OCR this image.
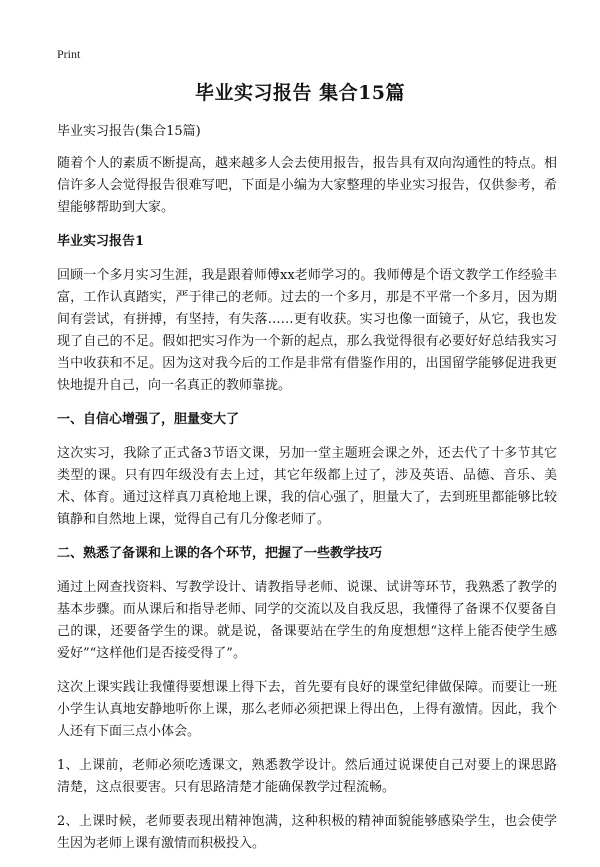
Print
毕业实习报告 集合15篇

毕业实习报告(集合15篇)

随着个人的素质不断提高，越来越多人会去使用报告，报告具有双向沟通性的特点。相信许多人会觉得报告很难写吧，下面是小编为大家整理的毕业实习报告，仅供参考，希望能够帮助到大家。

毕业实习报告1

回顾一个多月实习生涯，我是跟着师傅xx老师学习的。我师傅是个语文教学工作经验丰富，工作认真踏实，严于律己的老师。过去的一个多月，那是不平常一个多月，因为期间有尝试，有拼搏，有坚持，有失落……更有收获。实习也像一面镜子，从它，我也发现了自己的不足。假如把实习作为一个新的起点，那么我觉得很有必要好好总结我实习当中收获和不足。因为这对我今后的工作是非常有借鉴作用的，出国留学能够促进我更快地提升自己，向一名真正的教师靠拢。

一、自信心增强了，胆量变大了

这次实习，我除了正式备3节语文课，另加一堂主题班会课之外，还去代了十多节其它类型的课。只有四年级没有去上过，其它年级都上过了，涉及英语、品德、音乐、美术、体育。通过这样真刀真枪地上课，我的信心强了，胆量大了，去到班里都能够比较镇静和自然地上课，觉得自己有几分像老师了。

二、熟悉了备课和上课的各个环节，把握了一些教学技巧

通过上网查找资料、写教学设计、请教指导老师、说课、试讲等环节，我熟悉了教学的基本步骤。而从课后和指导老师、同学的交流以及自我反思，我懂得了备课不仅要备自己的课，还要备学生的课。就是说，备课要站在学生的角度想想“这样上能否使学生感爱好”“这样他们是否接受得了”。

这次上课实践让我懂得要想课上得下去，首先要有良好的课堂纪律做保障。而要让一班小学生认真地安静地听你上课，那么老师必须把课上得出色，上得有激情。因此，我个人还有下面三点小体会。

1、上课前，老师必须吃透课文，熟悉教学设计。然后通过说课使自己对要上的课思路清楚，这点很要害。只有思路清楚才能确保教学过程流畅。

2、上课时候，老师要表现出精神饱满，这种积极的精神面貌能够感染学生，也会使学生因为老师上课有激情而积极投入。
